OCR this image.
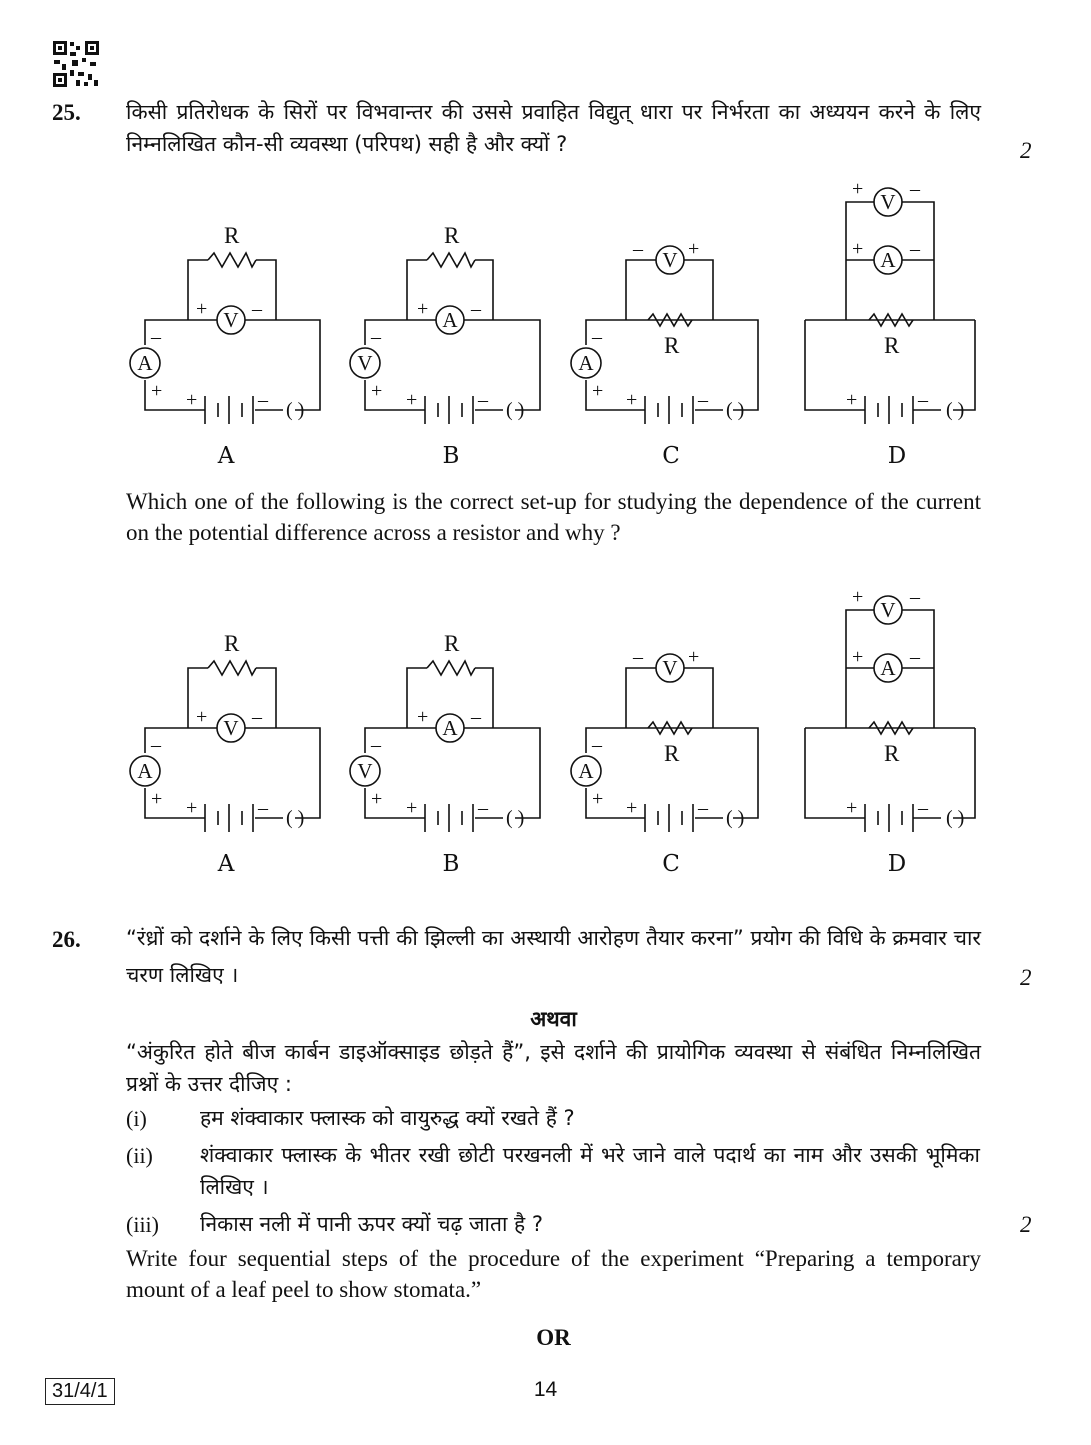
25. किसी प्रतिरोधक के सिरों पर विभवान्तर की उससे प्रवाहित विद्युत् धारा पर निर्भरता का अध्ययन करने के लिए निम्नलिखित कौन-सी व्यवस्था (परिपथ) सही है और क्यों ?	2
V
A
R
+ –
–
+ +	– ( )
A
V
R
+ –
–
+ +	– ( )
V
A
R
– +
–
+ +	– ( )
V
A
R
+ –
+ –
+	– ( )
A	B	C	D
Which one of the following is the correct set-up for studying the dependence of the current on the potential difference across a resistor and why ?
V
A
R
+ –
–
+ +	– ( )
A
V
R
+ –
–
+ +	– ( )
V
A
R
– +
–
+ +	– ( )
V
A
R
+ –
+ –
+	– ( )
A	B	C	D
26. “रंध्रों को दर्शाने के लिए किसी पत्ती की झिल्ली का अस्थायी आरोहण तैयार करना” प्रयोग की विधि के क्रमवार चार चरण लिखिए ।	2
अथवा
“अंकुरित होते बीज कार्बन डाइऑक्साइड छोड़ते हैं”, इसे दर्शाने की प्रायोगिक व्यवस्था से संबंधित निम्नलिखित प्रश्नों के उत्तर दीजिए :
(i)	हम शंक्वाकार फ्लास्क को वायुरुद्ध क्यों रखते हैं ?
(ii) शंक्वाकार फ्लास्क के भीतर रखी छोटी परखनली में भरे जाने वाले पदार्थ का नाम और उसकी भूमिका लिखिए ।
(iii) निकास नली में पानी ऊपर क्यों चढ़ जाता है ?	2
Write four sequential steps of the procedure of the experiment “Preparing a temporary mount of a leaf peel to show stomata.”
OR
31/4/1	14
